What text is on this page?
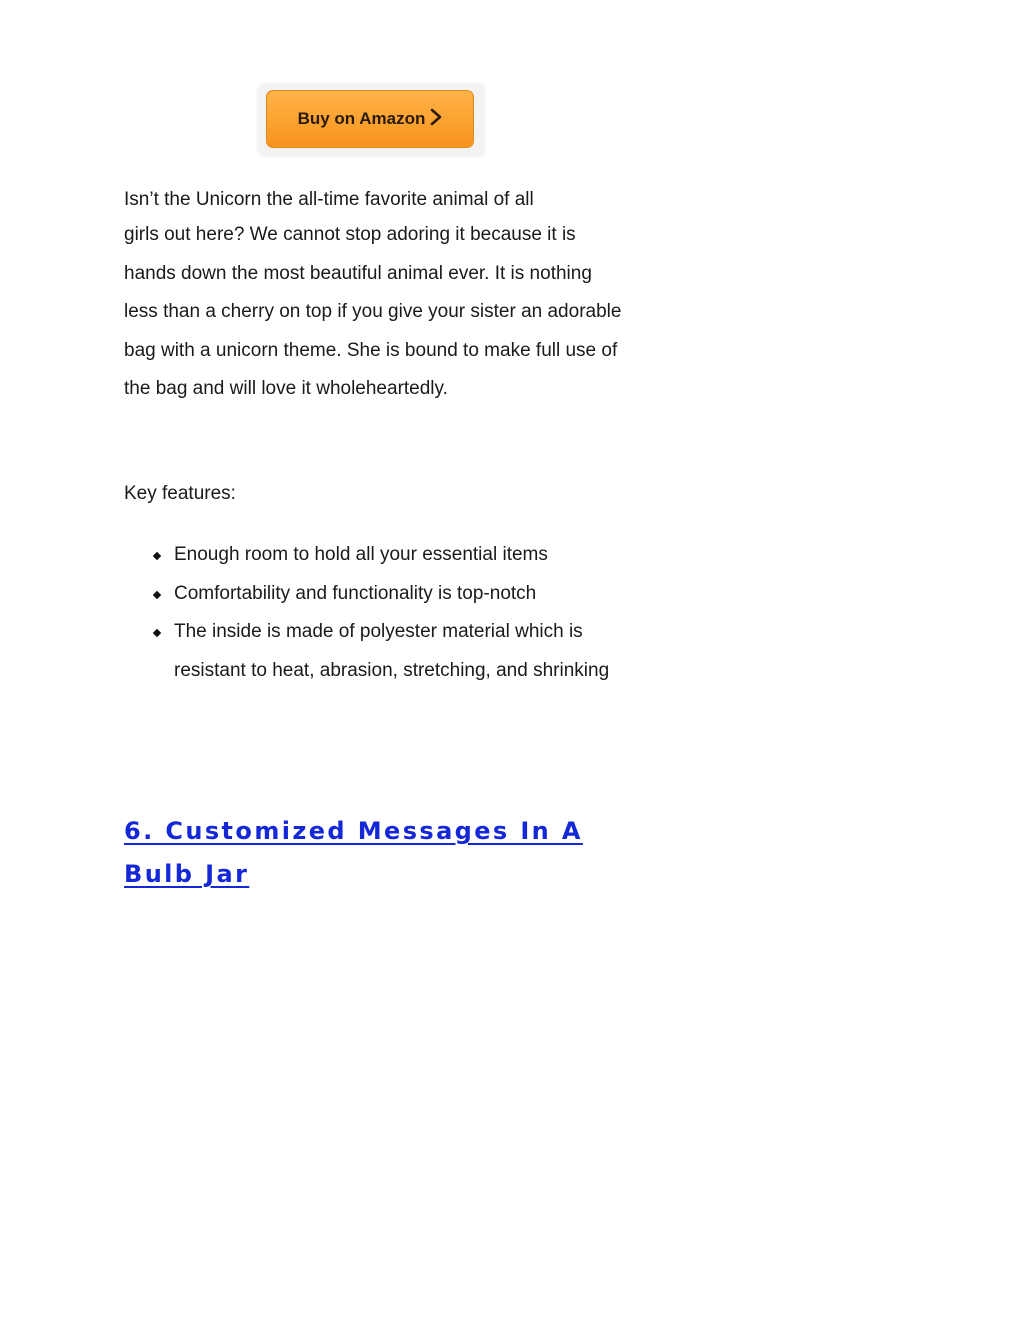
Buy on Amazon

Isn’t the Unicorn the all-time favorite animal of all
girls out here? We cannot stop adoring it because it is hands down the most beautiful animal ever. It is nothing less than a cherry on top if you give your sister an adorable bag with a unicorn theme. She is bound to make full use of the bag and will love it wholeheartedly.

Key features:

Enough room to hold all your essential items
Comfortability and functionality is top-notch
The inside is made of polyester material which is resistant to heat, abrasion, stretching, and shrinking
6. Customized Messages In A Bulb Jar
